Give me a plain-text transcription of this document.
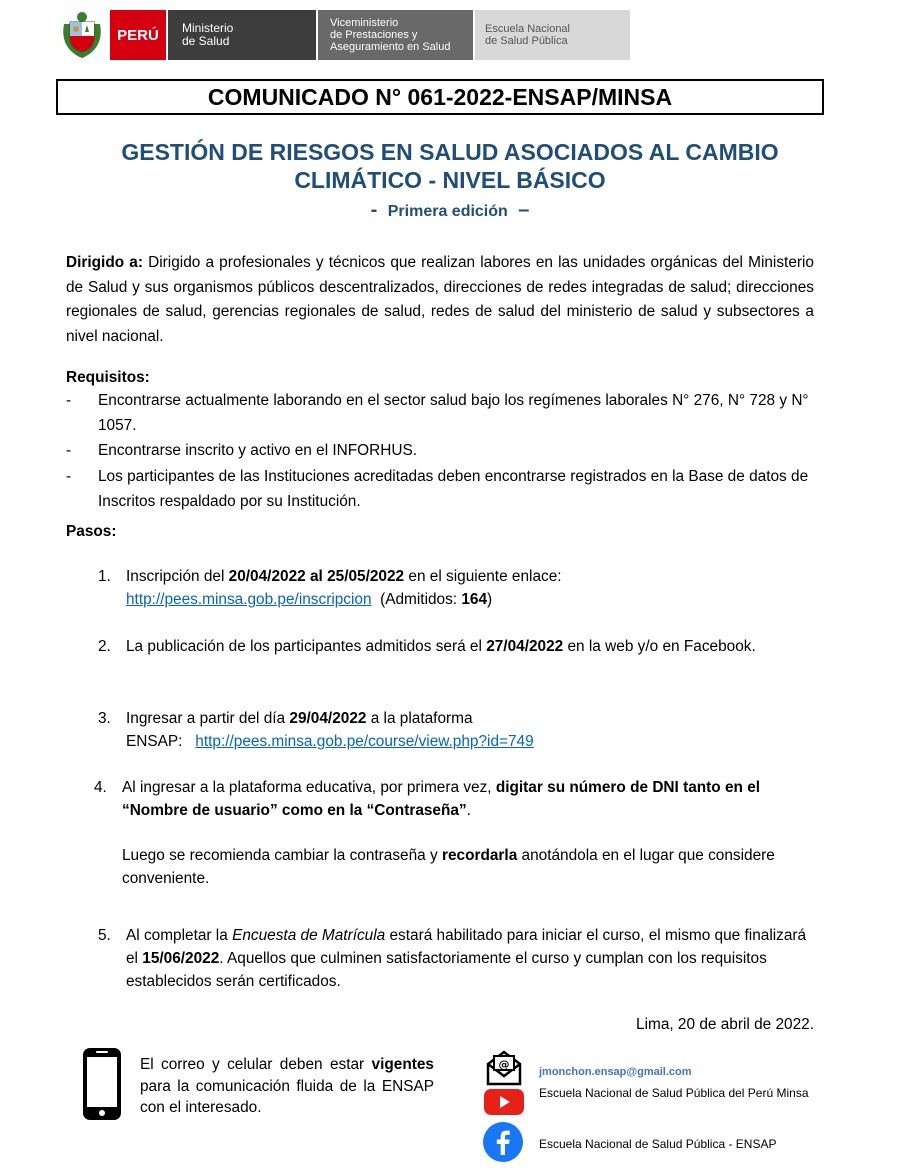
PERÚ	Ministerio
de Salud
Viceministerio
de Prestaciones y
Aseguramiento en Salud
Escuela Nacional
de Salud Pública
COMUNICADO N° 061-2022-ENSAP/MINSA
GESTIÓN DE RIESGOS EN SALUD ASOCIADOS AL CAMBIO
CLIMÁTICO - NIVEL BÁSICO
- Primera edición –
Dirigido a: Dirigido a profesionales y técnicos que realizan labores en las unidades orgánicas del Ministerio de Salud y sus organismos públicos descentralizados, direcciones de redes integradas de salud; direcciones regionales de salud, gerencias regionales de salud, redes de salud del ministerio de salud y subsectores a nivel nacional.
Requisitos:
-	Encontrarse actualmente laborando en el sector salud bajo los regímenes laborales N° 276, N° 728 y N° 1057.
-	Encontrarse inscrito y activo en el INFORHUS.
-	Los participantes de las Instituciones acreditadas deben encontrarse registrados en la Base de datos de Inscritos respaldado por su Institución.
Pasos:
1. Inscripción del 20/04/2022 al 25/05/2022 en el siguiente enlace:
http://pees.minsa.gob.pe/inscripcion  (Admitidos: 164)
2. La publicación de los participantes admitidos será el 27/04/2022 en la web y/o en Facebook.
3. Ingresar a partir del día 29/04/2022 a la plataforma
ENSAP:   http://pees.minsa.gob.pe/course/view.php?id=749
4. Al ingresar a la plataforma educativa, por primera vez, digitar su número de DNI tanto en el “Nombre de usuario” como en la “Contraseña”.
Luego se recomienda cambiar la contraseña y recordarla anotándola en el lugar que considere conveniente.
5. Al completar la Encuesta de Matrícula estará habilitado para iniciar el curso, el mismo que finalizará el 15/06/2022. Aquellos que culminen satisfactoriamente el curso y cumplan con los requisitos establecidos serán certificados.
Lima, 20 de abril de 2022.
El correo y celular deben estar vigentes para la comunicación fluida de la ENSAP con el interesado.
@
jmonchon.ensap@gmail.com
Escuela Nacional de Salud Pública del Perú Minsa
Escuela Nacional de Salud Pública - ENSAP
